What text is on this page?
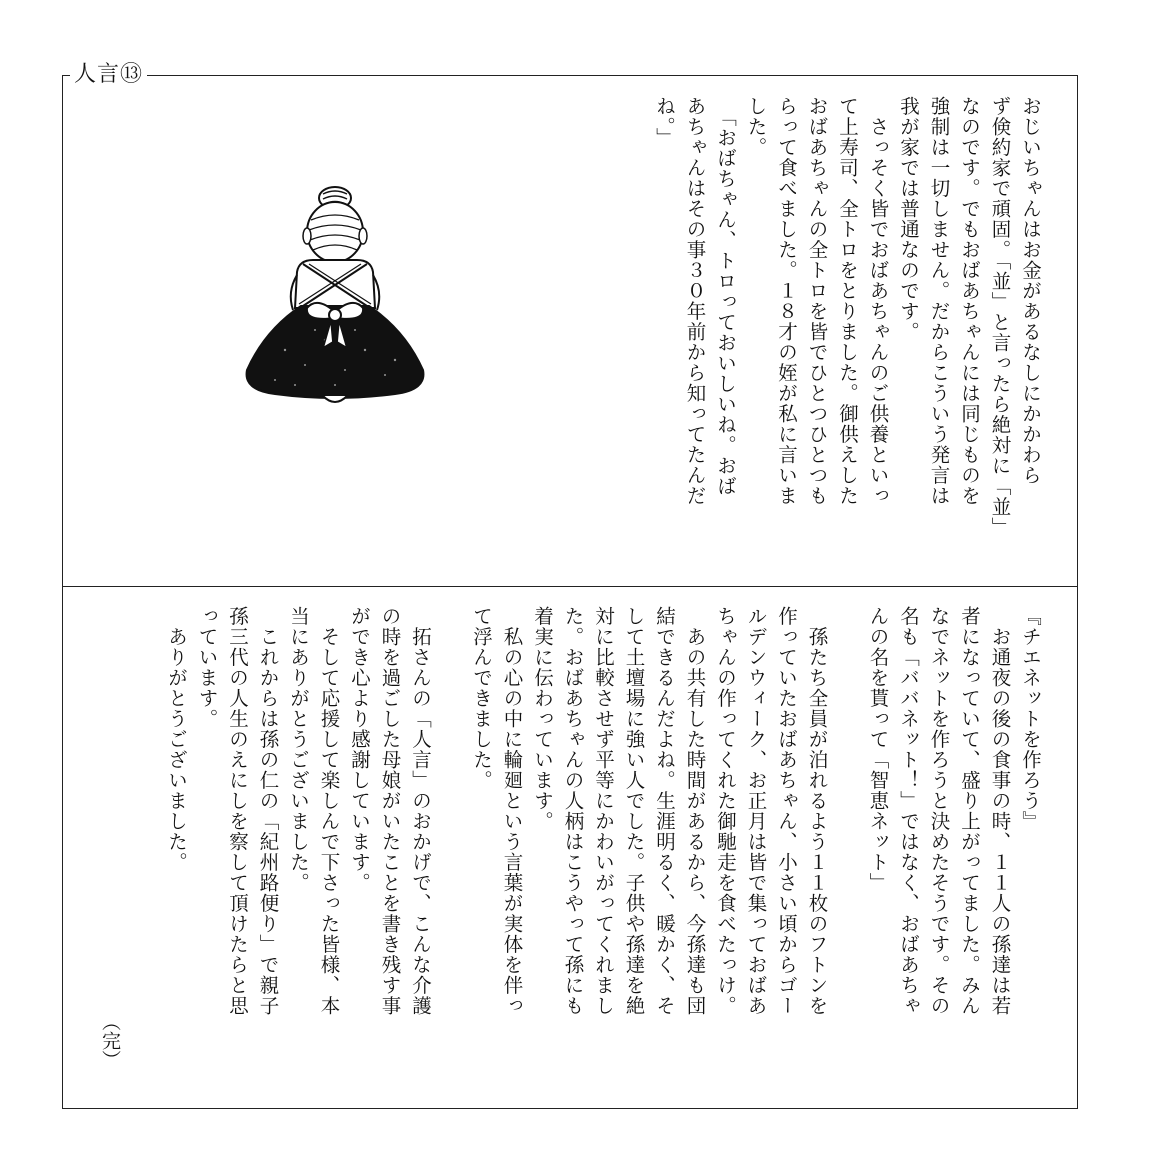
人言⑬
おじいちゃんはお金があるなしにかかわら
ず倹約家で頑固。「並」と言ったら絶対に「並」
なのです。でもおばあちゃんには同じものを
強制は一切しません。だからこういう発言は
我が家では普通なのです。
　さっそく皆でおばあちゃんのご供養といっ
て上寿司、全トロをとりました。御供えした
おばあちゃんの全トロを皆でひとつひとつも
らって食べました。１８才の姪が私に言いま
した。
　「おばちゃん、トロっておいしいね。おば
あちゃんはその事３０年前から知ってたんだ
ね。」

『チエネットを作ろう』
　お通夜の後の食事の時、１１人の孫達は若
者になっていて、盛り上がってました。みん
なでネットを作ろうと決めたそうです。その
名も「ババネット！」ではなく、おばあちゃ
んの名を貰って「智恵ネット」

　孫たち全員が泊れるよう１１枚のフトンを
作っていたおばあちゃん、小さい頃からゴー
ルデンウィーク、お正月は皆で集っておばあ
ちゃんの作ってくれた御馳走を食べたっけ。
　あの共有した時間があるから、今孫達も団
結できるんだよね。生涯明るく、暖かく、そ
して土壇場に強い人でした。子供や孫達を絶
対に比較させず平等にかわいがってくれまし
た。おばあちゃんの人柄はこうやって孫にも
着実に伝わっています。
　私の心の中に輪廻という言葉が実体を伴っ
て浮んできました。

　拓さんの「人言」のおかげで、こんな介護
の時を過ごした母娘がいたことを書き残す事
ができ心より感謝しています。
　そして応援して楽しんで下さった皆様、本
当にありがとうございました。
　これからは孫の仁の「紀州路便り」で親子
孫三代の人生のえにしを察して頂けたらと思
っています。
　ありがとうございました。

（完）
